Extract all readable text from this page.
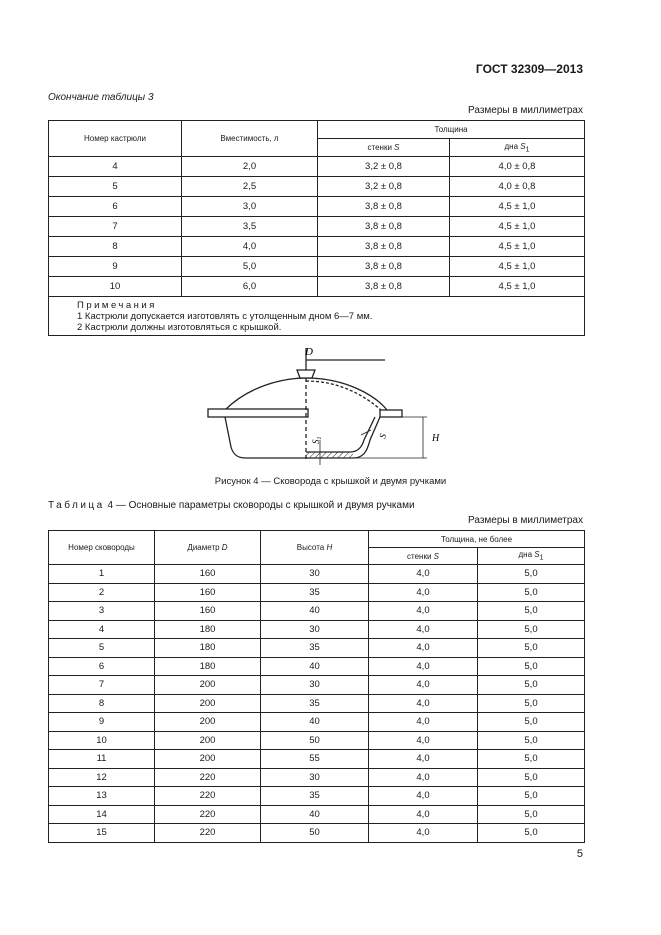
ГОСТ 32309—2013
Окончание таблицы 3
Размеры в миллиметрах
Номер кастрюли	Вместимость, л	Толщина	
		стенки S	дна $S_1$
4	2,0	3,2 ± 0,8	4,0 ± 0,8
5	2,5	3,2 ± 0,8	4,0 ± 0,8
6	3,0	3,8 ± 0,8	4,5 ± 1,0
7	3,5	3,8 ± 0,8	4,5 ± 1,0
8	4,0	3,8 ± 0,8	4,5 ± 1,0
9	5,0	3,8 ± 0,8	4,5 ± 1,0
10	6,0	3,8 ± 0,8	4,5 ± 1,0

Примечания
1 Кастрюли допускается изготовлять с утолщенным дном 6—7 мм.
2 Кастрюли должны изготовляться с крышкой.			
D
H
$S_1$	S
Рисунок 4 — Сковорода с крышкой и двумя ручками
Таблица 4 — Основные параметры сковороды с крышкой и двумя ручками
Размеры в миллиметрах
Номер сковороды	Диаметр D	Высота H	Толщина, не более	
			стенки S	дна $S_1$
1	160	30	4,0	5,0
2	160	35	4,0	5,0
3	160	40	4,0	5,0
4	180	30	4,0	5,0
5	180	35	4,0	5,0
6	180	40	4,0	5,0
7	200	30	4,0	5,0
8	200	35	4,0	5,0
9	200	40	4,0	5,0
10	200	50	4,0	5,0
11	200	55	4,0	5,0
12	220	30	4,0	5,0
13	220	35	4,0	5,0
14	220	40	4,0	5,0
15	220	50	4,0	5,0
5
